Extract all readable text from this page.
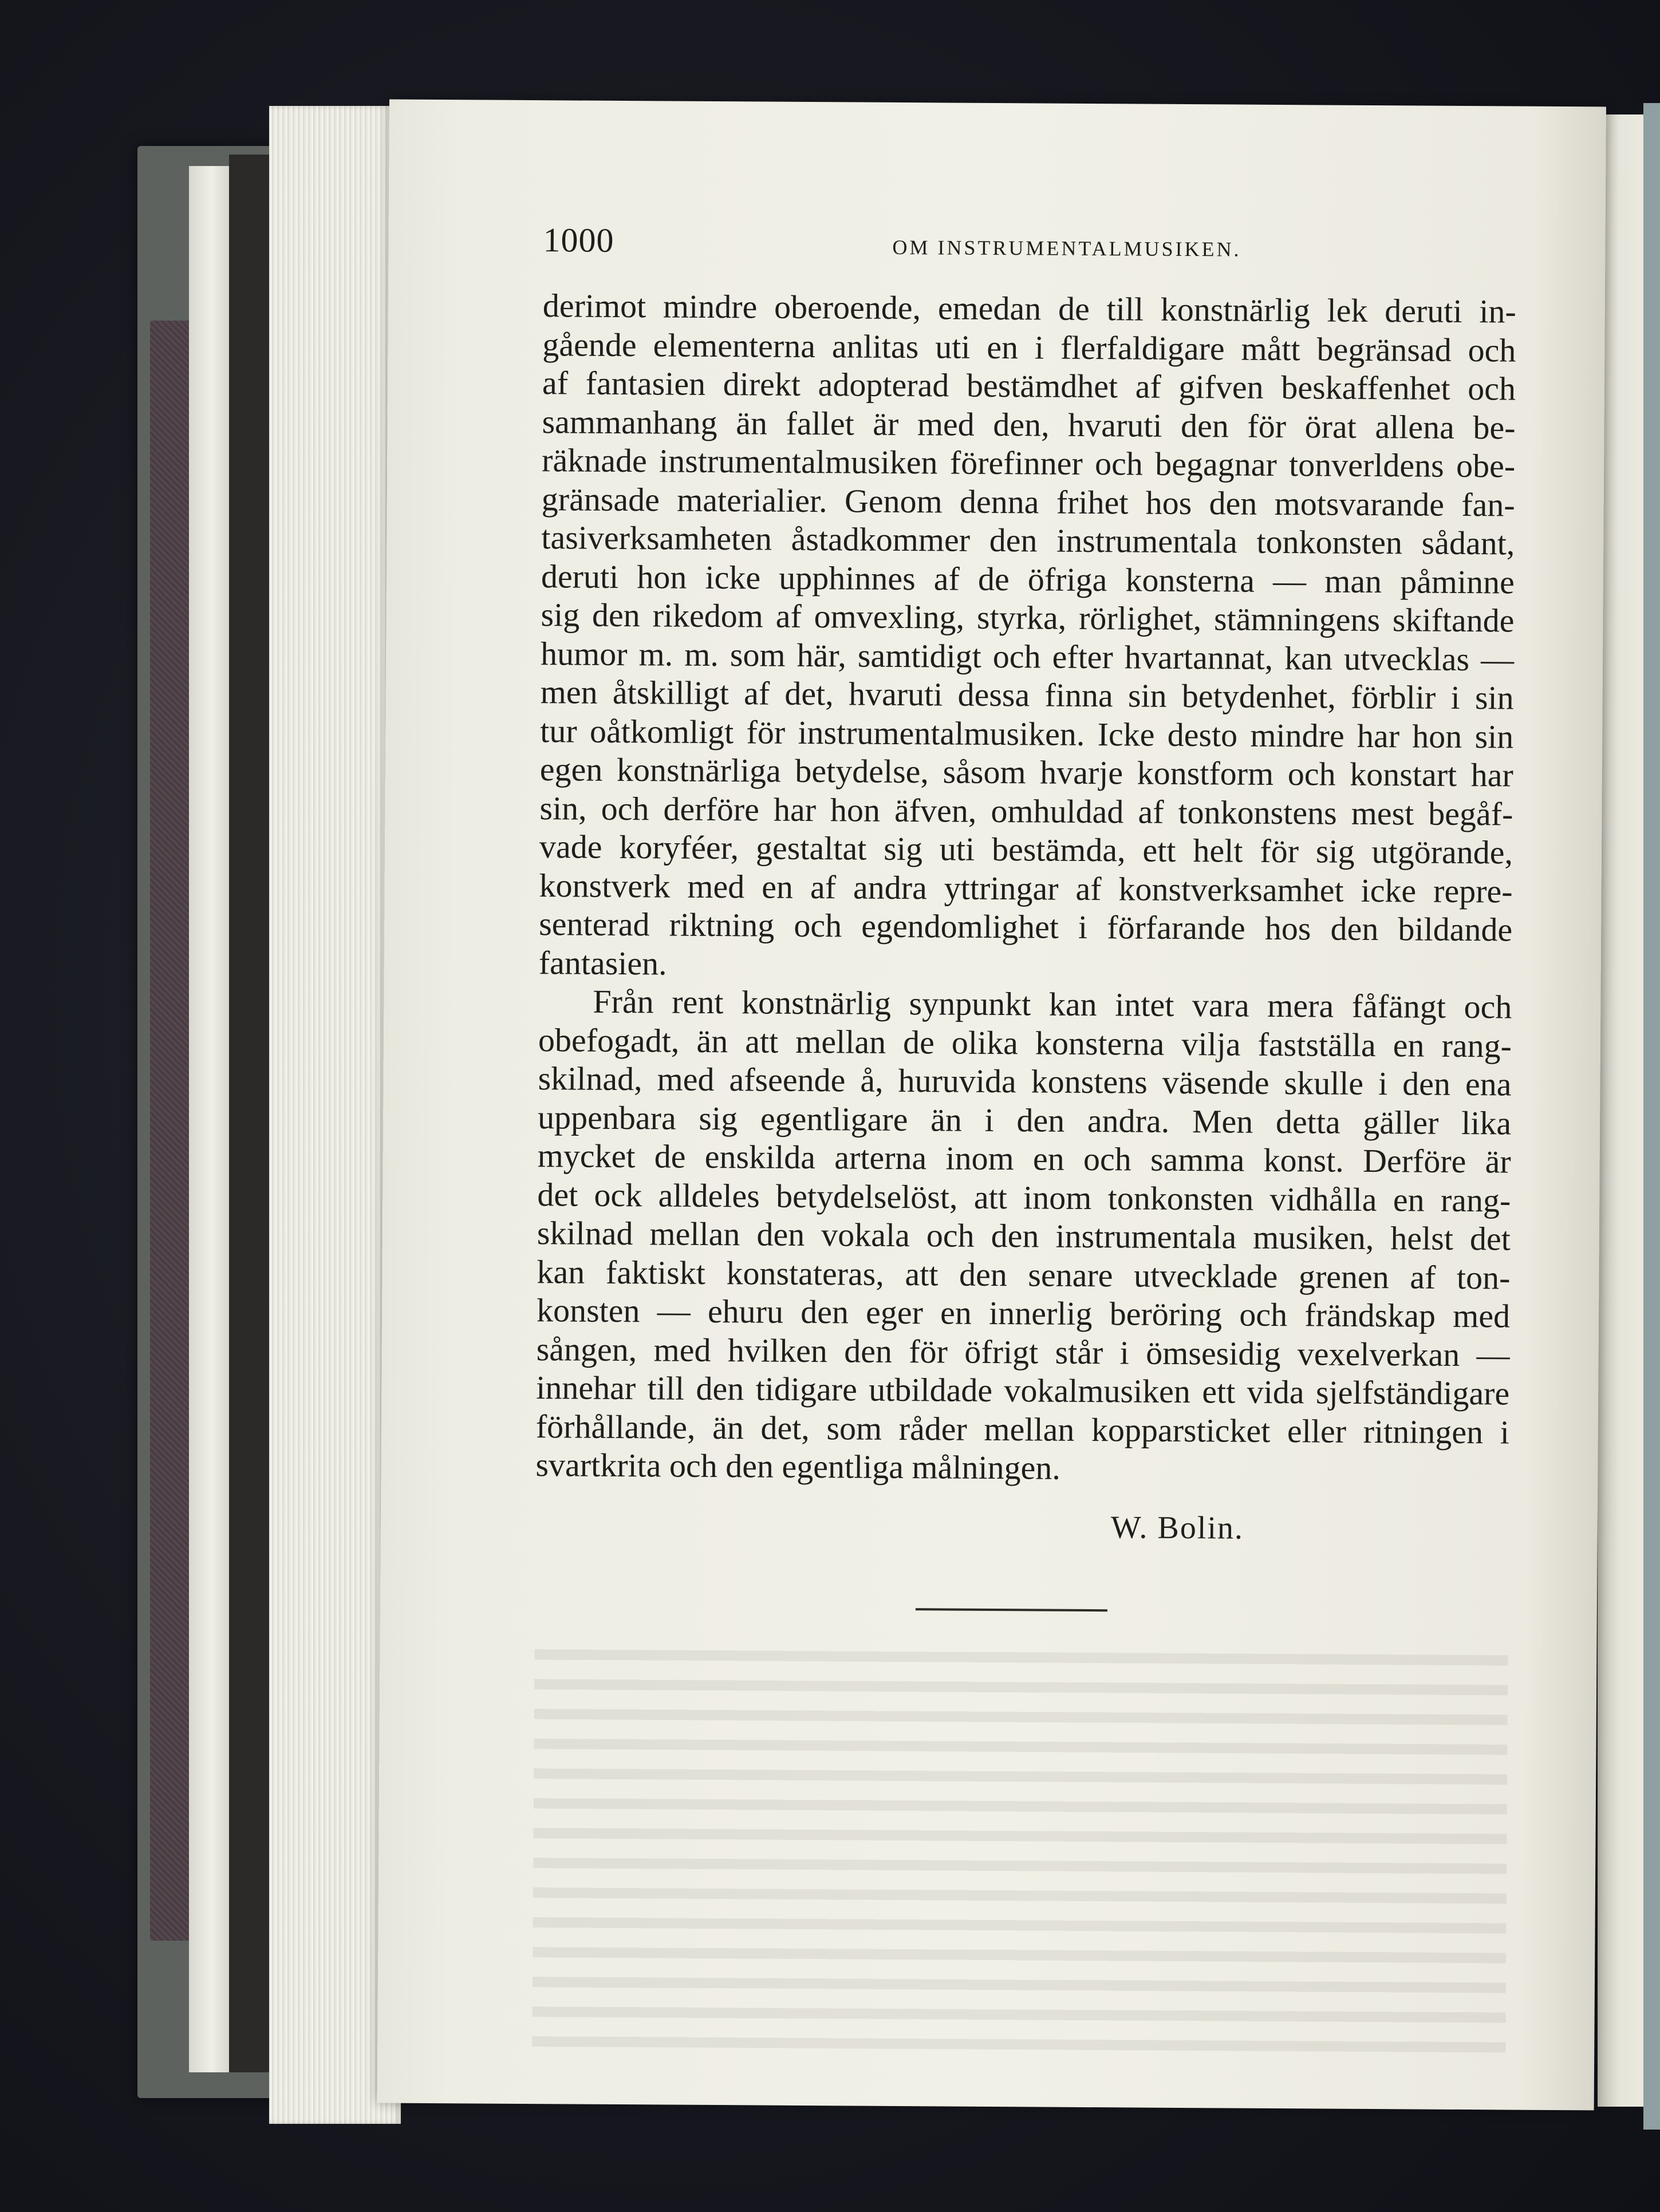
1000	OM INSTRUMENTALMUSIKEN.
derimot mindre oberoende, emedan de till konstnärlig lek deruti in-
gående elementerna anlitas uti en i flerfaldigare mått begränsad och
af fantasien direkt adopterad bestämdhet af gifven beskaffenhet och
sammanhang än fallet är med den, hvaruti den för örat allena be-
räknade instrumentalmusiken förefinner och begagnar tonverldens obe-
gränsade materialier. Genom denna frihet hos den motsvarande fan-
tasiverksamheten åstadkommer den instrumentala tonkonsten sådant,
deruti hon icke upphinnes af de öfriga konsterna — man påminne
sig den rikedom af omvexling, styrka, rörlighet, stämningens skiftande
humor m. m. som här, samtidigt och efter hvartannat, kan utvecklas —
men åtskilligt af det, hvaruti dessa finna sin betydenhet, förblir i sin
tur oåtkomligt för instrumentalmusiken. Icke desto mindre har hon sin
egen konstnärliga betydelse, såsom hvarje konstform och konstart har
sin, och derföre har hon äfven, omhuldad af tonkonstens mest begåf-
vade koryféer, gestaltat sig uti bestämda, ett helt för sig utgörande,
konstverk med en af andra yttringar af konstverksamhet icke repre-
senterad riktning och egendomlighet i förfarande hos den bildande
fantasien.
Från rent konstnärlig synpunkt kan intet vara mera fåfängt och
obefogadt, än att mellan de olika konsterna vilja fastställa en rang-
skilnad, med afseende å, huruvida konstens väsende skulle i den ena
uppenbara sig egentligare än i den andra. Men detta gäller lika
mycket de enskilda arterna inom en och samma konst. Derföre är
det ock alldeles betydelselöst, att inom tonkonsten vidhålla en rang-
skilnad mellan den vokala och den instrumentala musiken, helst det
kan faktiskt konstateras, att den senare utvecklade grenen af ton-
konsten — ehuru den eger en innerlig beröring och frändskap med
sången, med hvilken den för öfrigt står i ömsesidig vexelverkan —
innehar till den tidigare utbildade vokalmusiken ett vida sjelfständigare
förhållande, än det, som råder mellan kopparsticket eller ritningen i
svartkrita och den egentliga målningen.
W. Bolin.
